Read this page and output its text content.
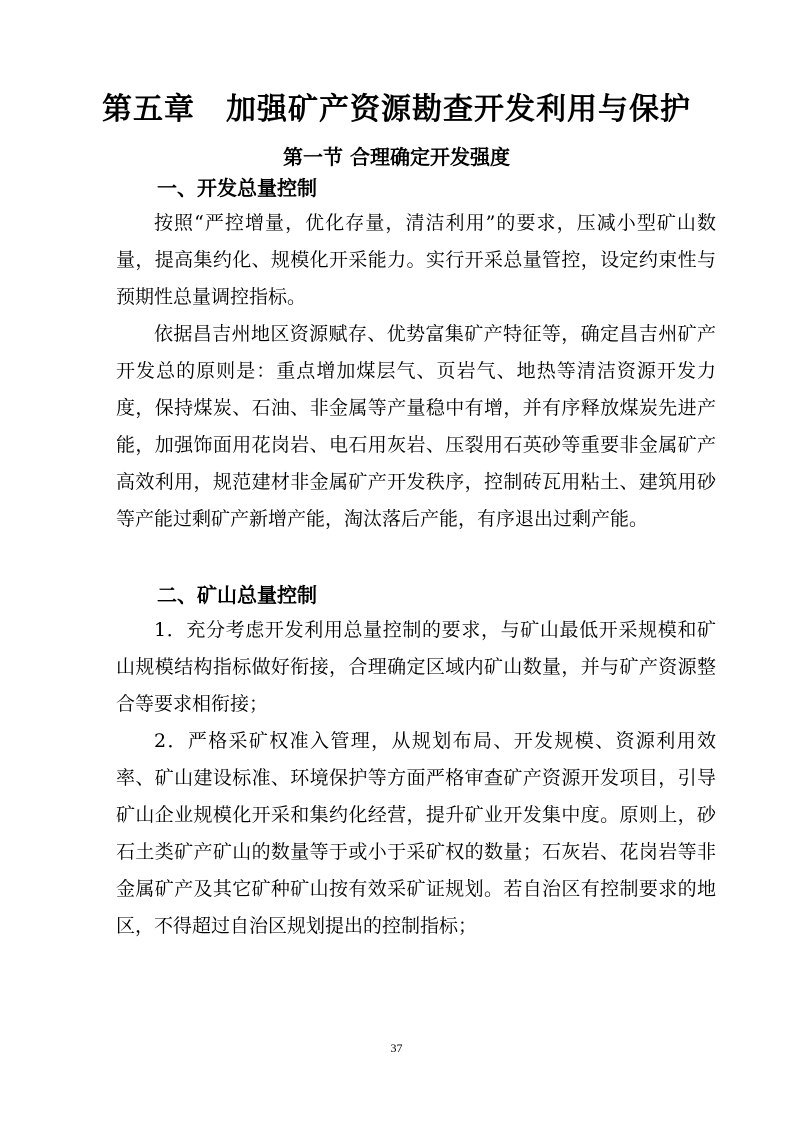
第五章　加强矿产资源勘查开发利用与保护
第一节 合理确定开发强度
一、开发总量控制
按照“严控增量，优化存量，清洁利用”的要求，压减小型矿山数量，提高集约化、规模化开采能力。实行开采总量管控，设定约束性与预期性总量调控指标。
依据昌吉州地区资源赋存、优势富集矿产特征等，确定昌吉州矿产开发总的原则是：重点增加煤层气、页岩气、地热等清洁资源开发力度，保持煤炭、石油、非金属等产量稳中有增，并有序释放煤炭先进产能，加强饰面用花岗岩、电石用灰岩、压裂用石英砂等重要非金属矿产高效利用，规范建材非金属矿产开发秩序，控制砖瓦用粘土、建筑用砂等产能过剩矿产新增产能，淘汰落后产能，有序退出过剩产能。
二、矿山总量控制
1．充分考虑开发利用总量控制的要求，与矿山最低开采规模和矿山规模结构指标做好衔接，合理确定区域内矿山数量，并与矿产资源整合等要求相衔接；
2．严格采矿权准入管理，从规划布局、开发规模、资源利用效率、矿山建设标准、环境保护等方面严格审查矿产资源开发项目，引导矿山企业规模化开采和集约化经营，提升矿业开发集中度。原则上，砂石土类矿产矿山的数量等于或小于采矿权的数量；石灰岩、花岗岩等非金属矿产及其它矿种矿山按有效采矿证规划。若自治区有控制要求的地区，不得超过自治区规划提出的控制指标；
37
